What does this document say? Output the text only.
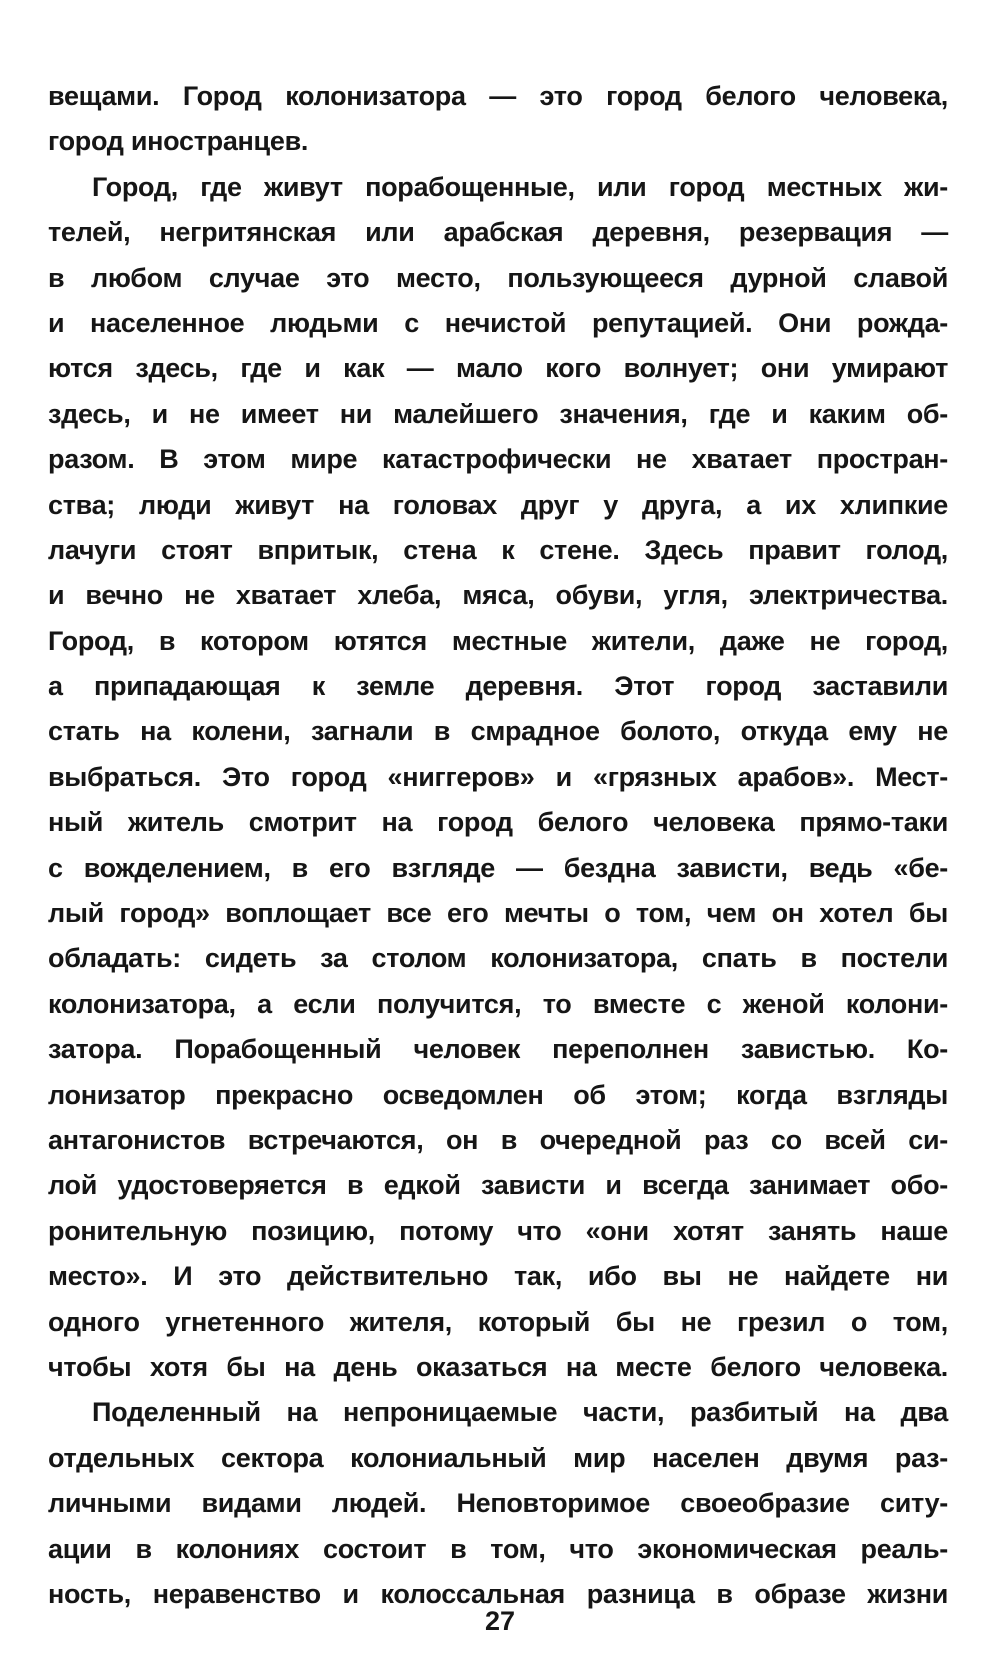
вещами. Город колонизатора — это город белого человека,
город иностранцев.
Город, где живут порабощенные, или город местных жи-
телей, негритянская или арабская деревня, резервация —
в любом случае это место, пользующееся дурной славой
и населенное людьми с нечистой репутацией. Они рожда-
ются здесь, где и как — мало кого волнует; они умирают
здесь, и не имеет ни малейшего значения, где и каким об-
разом. В этом мире катастрофически не хватает простран-
ства; люди живут на головах друг у друга, а их хлипкие
лачуги стоят впритык, стена к стене. Здесь правит голод,
и вечно не хватает хлеба, мяса, обуви, угля, электричества.
Город, в котором ютятся местные жители, даже не город,
а припадающая к земле деревня. Этот город заставили
стать на колени, загнали в смрадное болото, откуда ему не
выбраться. Это город «ниггеров» и «грязных арабов». Мест-
ный житель смотрит на город белого человека прямо-таки
с вожделением, в его взгляде — бездна зависти, ведь «бе-
лый город» воплощает все его мечты о том, чем он хотел бы
обладать: сидеть за столом колонизатора, спать в постели
колонизатора, а если получится, то вместе с женой колони-
затора. Порабощенный человек переполнен завистью. Ко-
лонизатор прекрасно осведомлен об этом; когда взгляды
антагонистов встречаются, он в очередной раз со всей си-
лой удостоверяется в едкой зависти и всегда занимает обо-
ронительную позицию, потому что «они хотят занять наше
место». И это действительно так, ибо вы не найдете ни
одного угнетенного жителя, который бы не грезил о том,
чтобы хотя бы на день оказаться на месте белого человека.
Поделенный на непроницаемые части, разбитый на два
отдельных сектора колониальный мир населен двумя раз-
личными видами людей. Неповторимое своеобразие ситу-
ации в колониях состоит в том, что экономическая реаль-
ность, неравенство и колоссальная разница в образе жизни
27
